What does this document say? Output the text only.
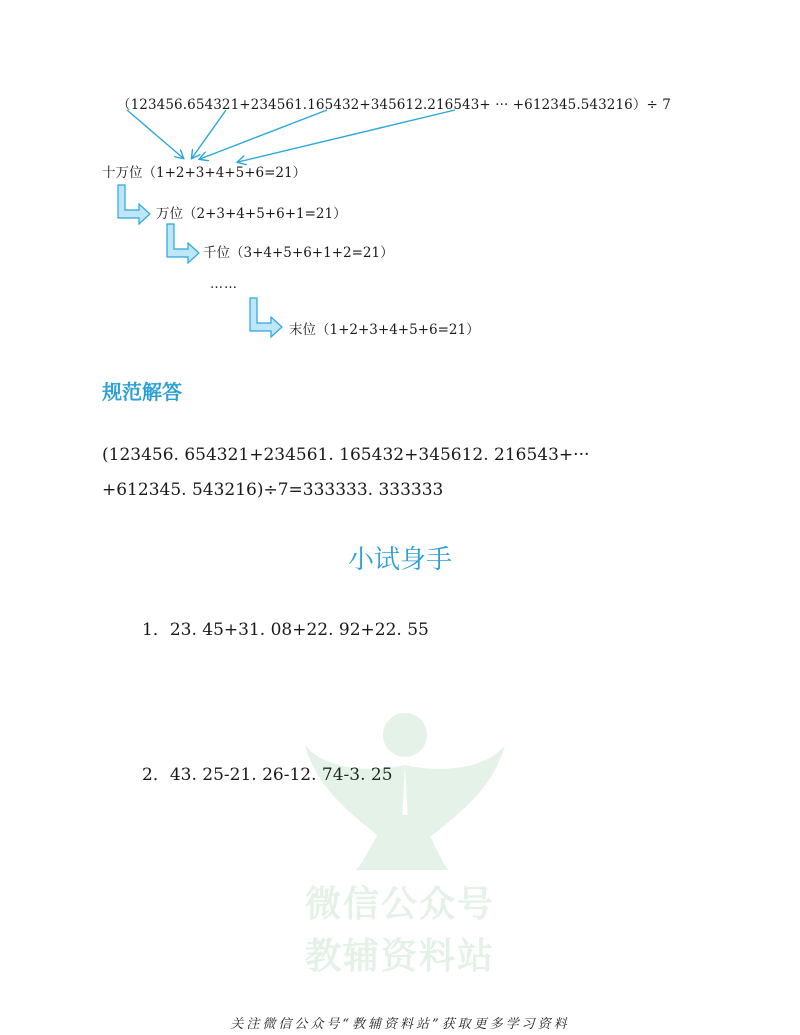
（123456.654321+234561.165432+345612.216543+ ··· +612345.543216）÷ 7
十万位（1+2+3+4+5+6=21）
万位（2+3+4+5+6+1=21）
千位（3+4+5+6+1+2=21）
……
末位（1+2+3+4+5+6=21）
规范解答
(123456. 654321+234561. 165432+345612. 216543+···
+612345. 543216)÷7=333333. 333333
小试身手
1．23. 45+31. 08+22. 92+22. 55
2．43. 25-21. 26-12. 74-3. 25
微信公众号
教辅资料站
关注微信公众号“教辅资料站”获取更多学习资料
